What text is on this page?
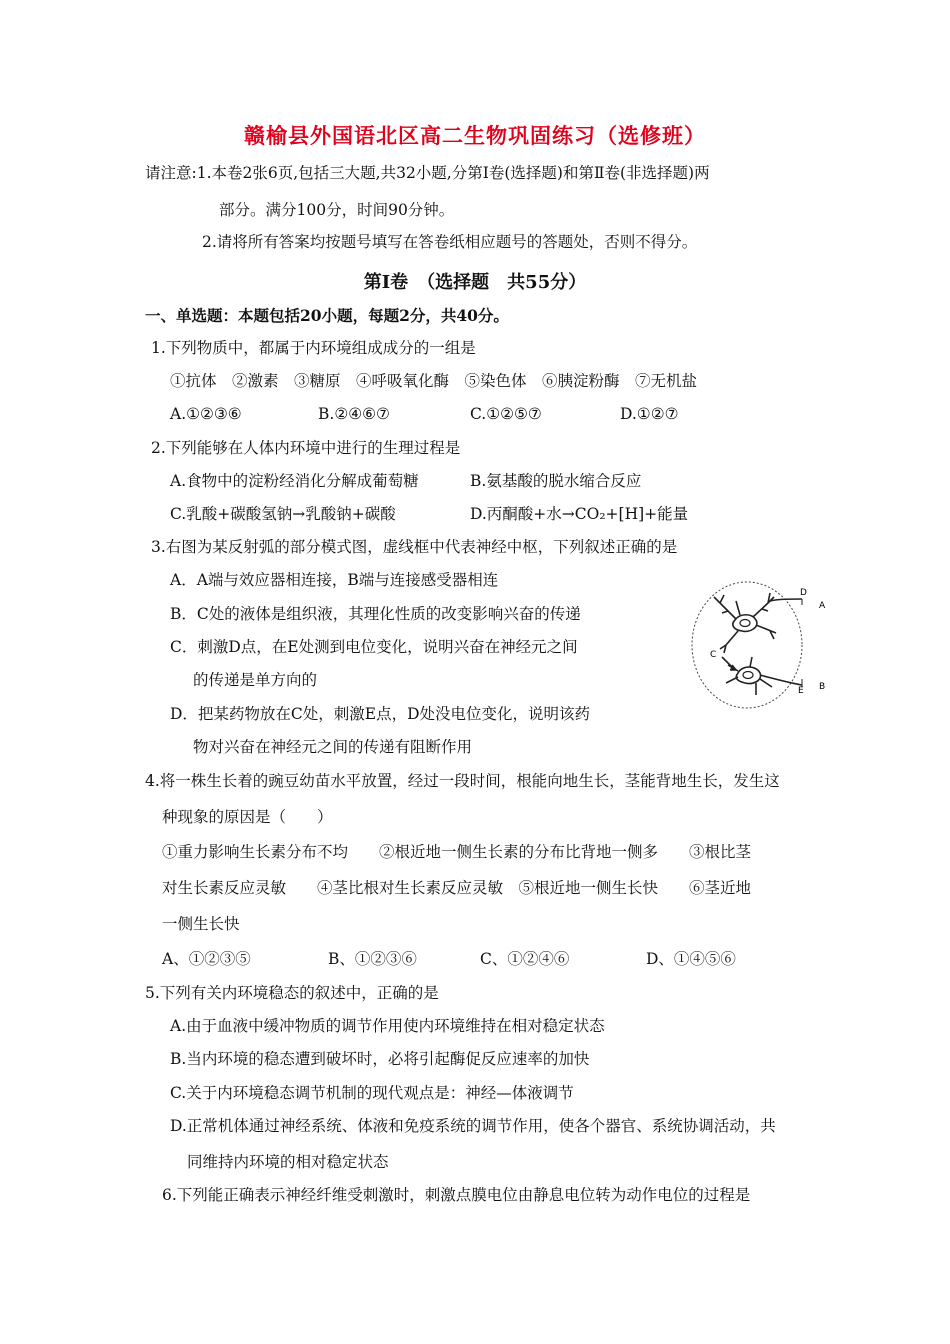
赣榆县外国语北区高二生物巩固练习（选修班）
请注意:1.本卷2张6页,包括三大题,共32小题,分第Ⅰ卷(选择题)和第Ⅱ卷(非选择题)两
部分。满分100分，时间90分钟。
2.请将所有答案均按题号填写在答卷纸相应题号的答题处，否则不得分。
第Ⅰ卷　（选择题　共55分）
一、单选题：本题包括20小题，每题2分，共40分。
1.下列物质中，都属于内环境组成成分的一组是
①抗体　②激素　③糖原　④呼吸氧化酶　⑤染色体　⑥胰淀粉酶　⑦无机盐
A.①②③⑥	B.②④⑥⑦	C.①②⑤⑦	D.①②⑦
2.下列能够在人体内环境中进行的生理过程是
A.食物中的淀粉经消化分解成葡萄糖	B.氨基酸的脱水缩合反应
C.乳酸+碳酸氢钠→乳酸钠+碳酸	D.丙酮酸+水→CO₂+[H]+能量
3.右图为某反射弧的部分模式图，虚线框中代表神经中枢，下列叙述正确的是
A．A端与效应器相连接，B端与连接感受器相连
B．C处的液体是组织液，其理化性质的改变影响兴奋的传递
C．刺激D点，在E处测到电位变化，说明兴奋在神经元之间
的传递是单方向的
D．把某药物放在C处，刺激E点，D处没电位变化，说明该药
物对兴奋在神经元之间的传递有阻断作用
D
A
C
E B
4.将一株生长着的豌豆幼苗水平放置，经过一段时间，根能向地生长，茎能背地生长，发生这
种现象的原因是（　　）
①重力影响生长素分布不均　　②根近地一侧生长素的分布比背地一侧多　　③根比茎
对生长素反应灵敏　　④茎比根对生长素反应灵敏　⑤根近地一侧生长快　　⑥茎近地
一侧生长快
A、①②③⑤	B、①②③⑥	C、①②④⑥	D、①④⑤⑥
5.下列有关内环境稳态的叙述中，正确的是
A.由于血液中缓冲物质的调节作用使内环境维持在相对稳定状态
B.当内环境的稳态遭到破坏时，必将引起酶促反应速率的加快
C.关于内环境稳态调节机制的现代观点是：神经—体液调节
D.正常机体通过神经系统、体液和免疫系统的调节作用，使各个器官、系统协调活动，共
同维持内环境的相对稳定状态
6.下列能正确表示神经纤维受刺激时，刺激点膜电位由静息电位转为动作电位的过程是
